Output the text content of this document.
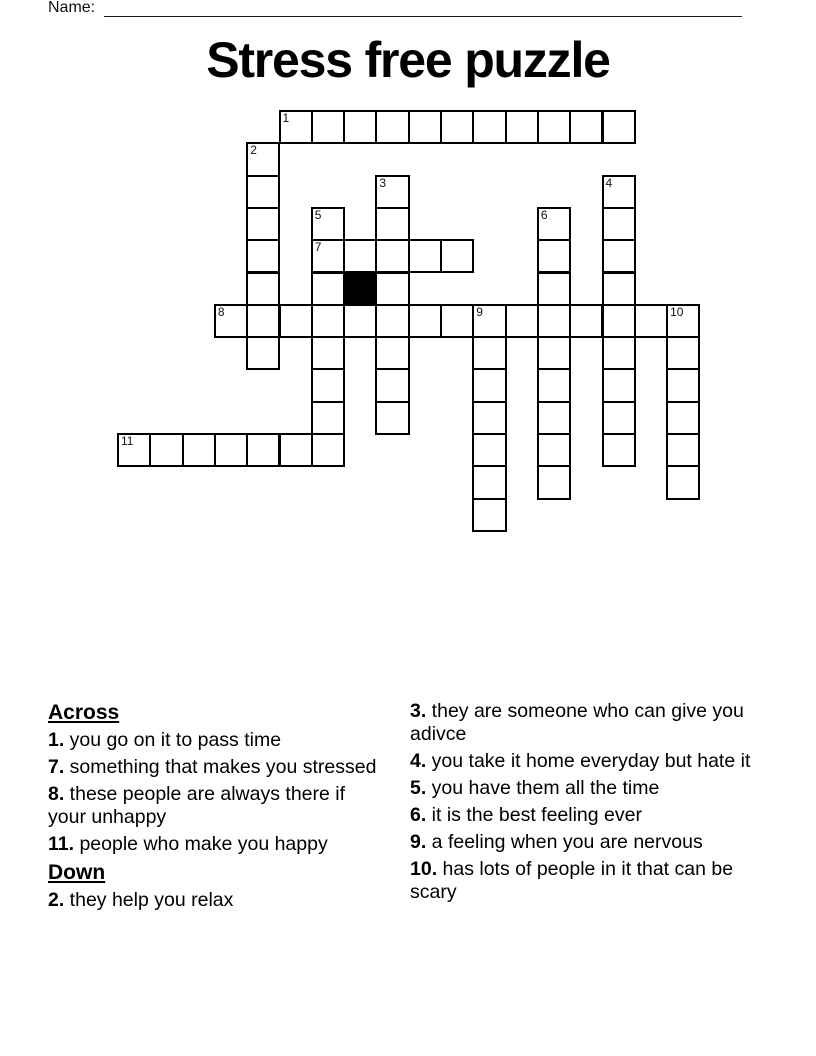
Name:
Stress free puzzle
1
2
3	4
5	6
7
8	9	10
11

Across

1. you go on it to pass time

7. something that makes you stressed

8. these people are always there if your unhappy

11. people who make you happy

Down

2. they help you relax

3. they are someone who can give you adivce

4. you take it home everyday but hate it

5. you have them all the time

6. it is the best feeling ever

9. a feeling when you are nervous

10. has lots of people in it that can be scary
